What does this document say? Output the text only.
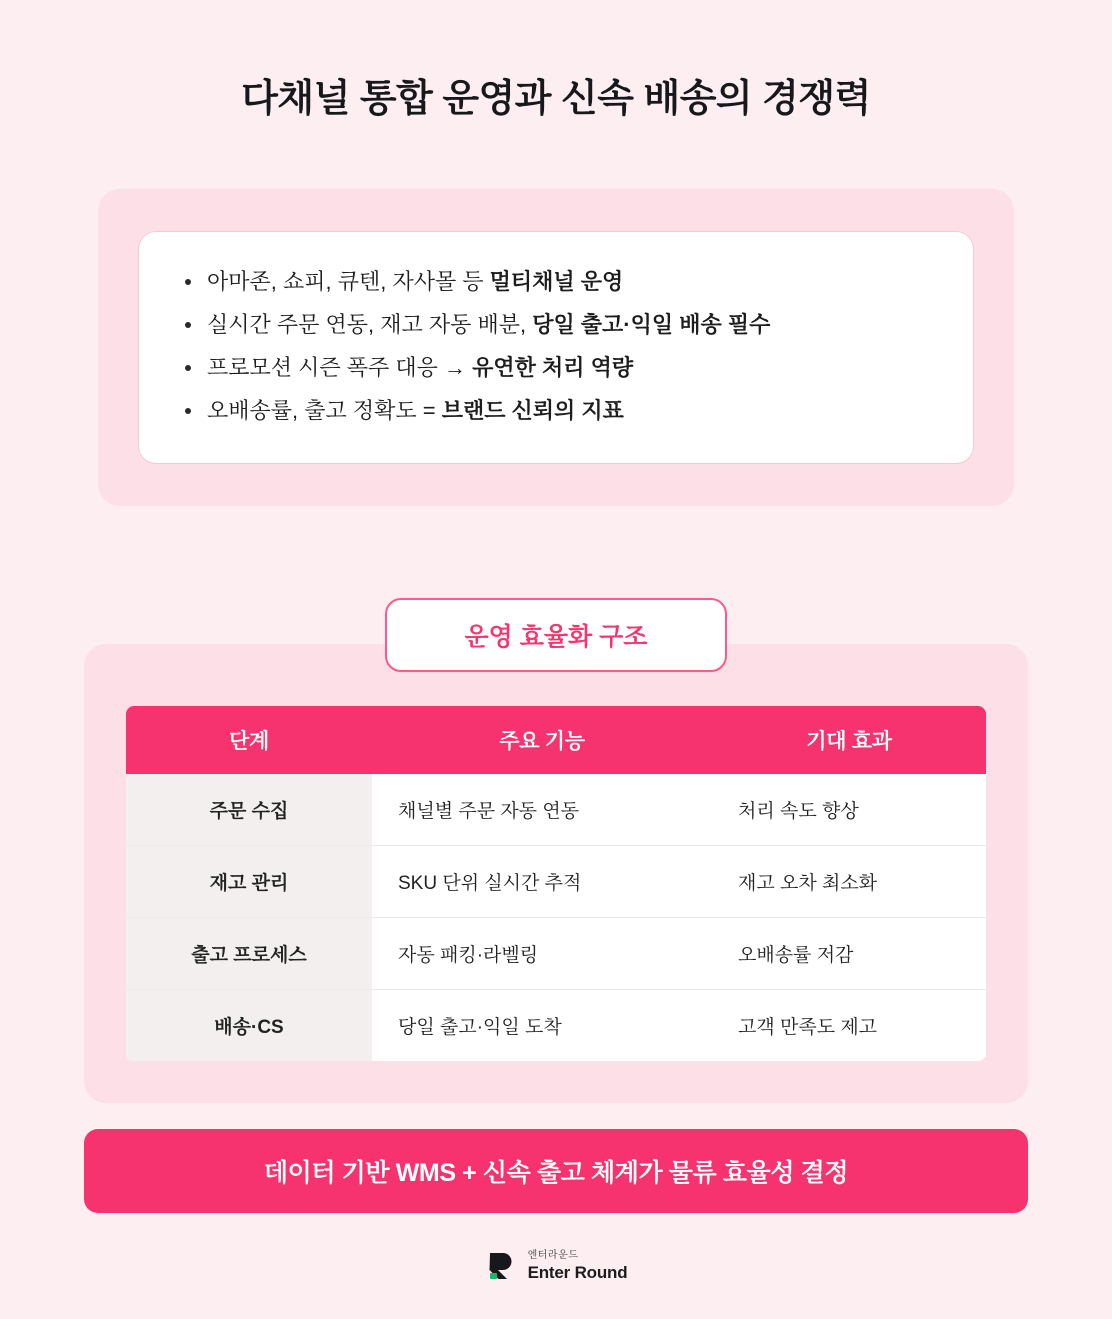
다채널 통합 운영과 신속 배송의 경쟁력
아마존, 쇼피, 큐텐, 자사몰 등 멀티채널 운영
실시간 주문 연동, 재고 자동 배분, 당일 출고·익일 배송 필수
프로모션 시즌 폭주 대응 → 유연한 처리 역량
오배송률, 출고 정확도 = 브랜드 신뢰의 지표
운영 효율화 구조
단계	주요 기능	기대 효과
주문 수집	채널별 주문 자동 연동	처리 속도 향상
재고 관리	SKU 단위 실시간 추적	재고 오차 최소화
출고 프로세스	자동 패킹·라벨링	오배송률 저감
배송·CS	당일 출고·익일 도착	고객 만족도 제고
데이터 기반 WMS + 신속 출고 체계가 물류 효율성 결정
엔터라운드
Enter Round
